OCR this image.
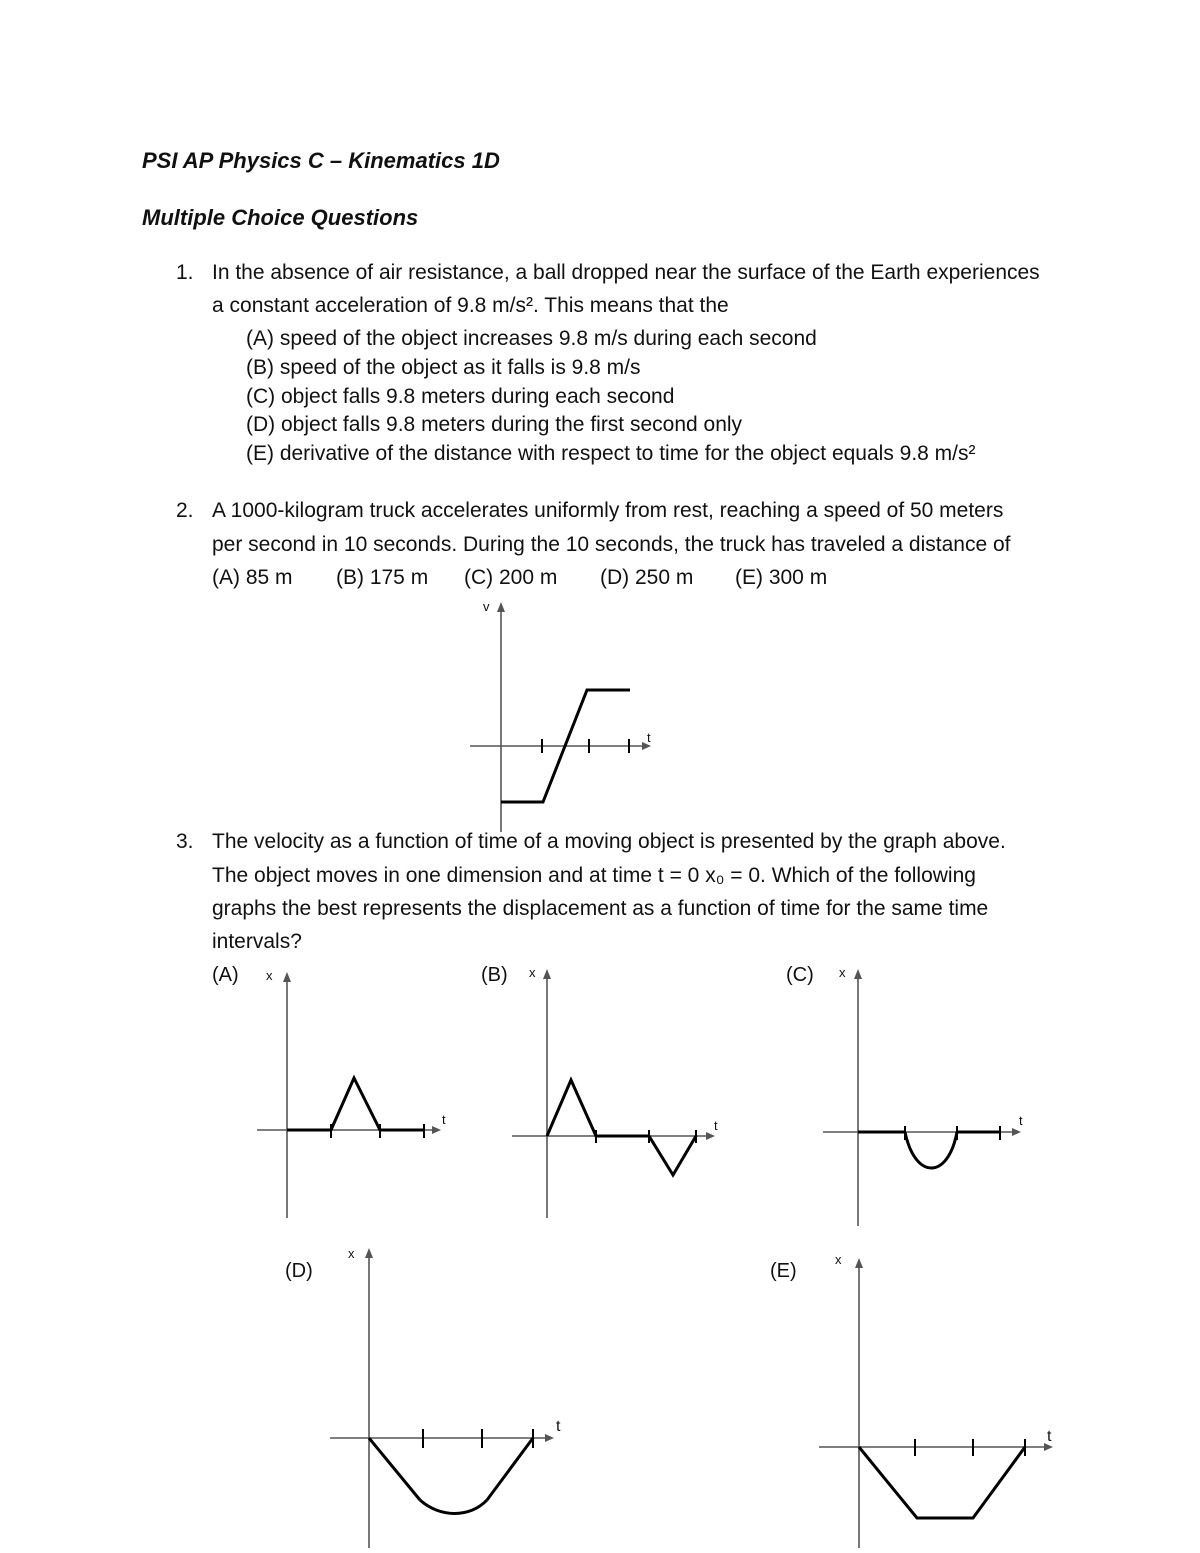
PSI AP Physics C – Kinematics 1D
Multiple Choice Questions
1. In the absence of air resistance, a ball dropped near the surface of the Earth experiences
a constant acceleration of 9.8 m/s². This means that the
(A) speed of the object increases 9.8 m/s during each second
(B) speed of the object as it falls is 9.8 m/s
(C) object falls 9.8 meters during each second
(D) object falls 9.8 meters during the first second only
(E) derivative of the distance with respect to time for the object equals 9.8 m/s²
2. A 1000-kilogram truck accelerates uniformly from rest, reaching a speed of 50 meters
per second in 10 seconds. During the 10 seconds, the truck has traveled a distance of
(A) 85 m (B) 175 m (C) 200 m (D) 250 m (E) 300 m
v
t
3. The velocity as a function of time of a moving object is presented by the graph above.
The object moves in one dimension and at time t = 0 x₀ = 0. Which of the following
graphs the best represents the displacement as a function of time for the same time
intervals?
(A)	(B)	(C)
(D)	(E)
x	x	x
x	x
t	t	t
t
t
